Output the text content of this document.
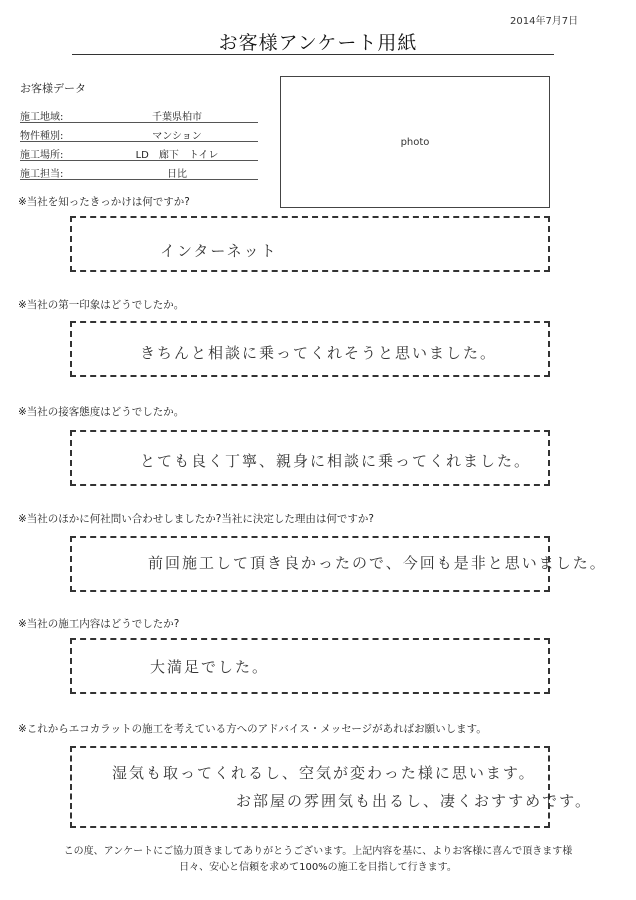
2014年7月7日
お客様アンケート用紙
お客様データ
施工地域:	千葉県柏市
物件種別:	マンション
施工場所:	LD　廊下　トイレ
施工担当:	日比
photo
※当社を知ったきっかけは何ですか?
インターネット
※当社の第一印象はどうでしたか。
きちんと相談に乗ってくれそうと思いました。
※当社の接客態度はどうでしたか。
とても良く丁寧、親身に相談に乗ってくれました。
※当社のほかに何社問い合わせしましたか?当社に決定した理由は何ですか?
前回施工して頂き良かったので、今回も是非と思いました。
※当社の施工内容はどうでしたか?
大満足でした。
※これからエコカラットの施工を考えている方へのアドバイス・メッセージがあればお願いします。
湿気も取ってくれるし、空気が変わった様に思います。
お部屋の雰囲気も出るし、凄くおすすめです。
この度、アンケートにご協力頂きましてありがとうございます。上記内容を基に、よりお客様に喜んで頂きます様
日々、安心と信頼を求めて100%の施工を目指して行きます。
